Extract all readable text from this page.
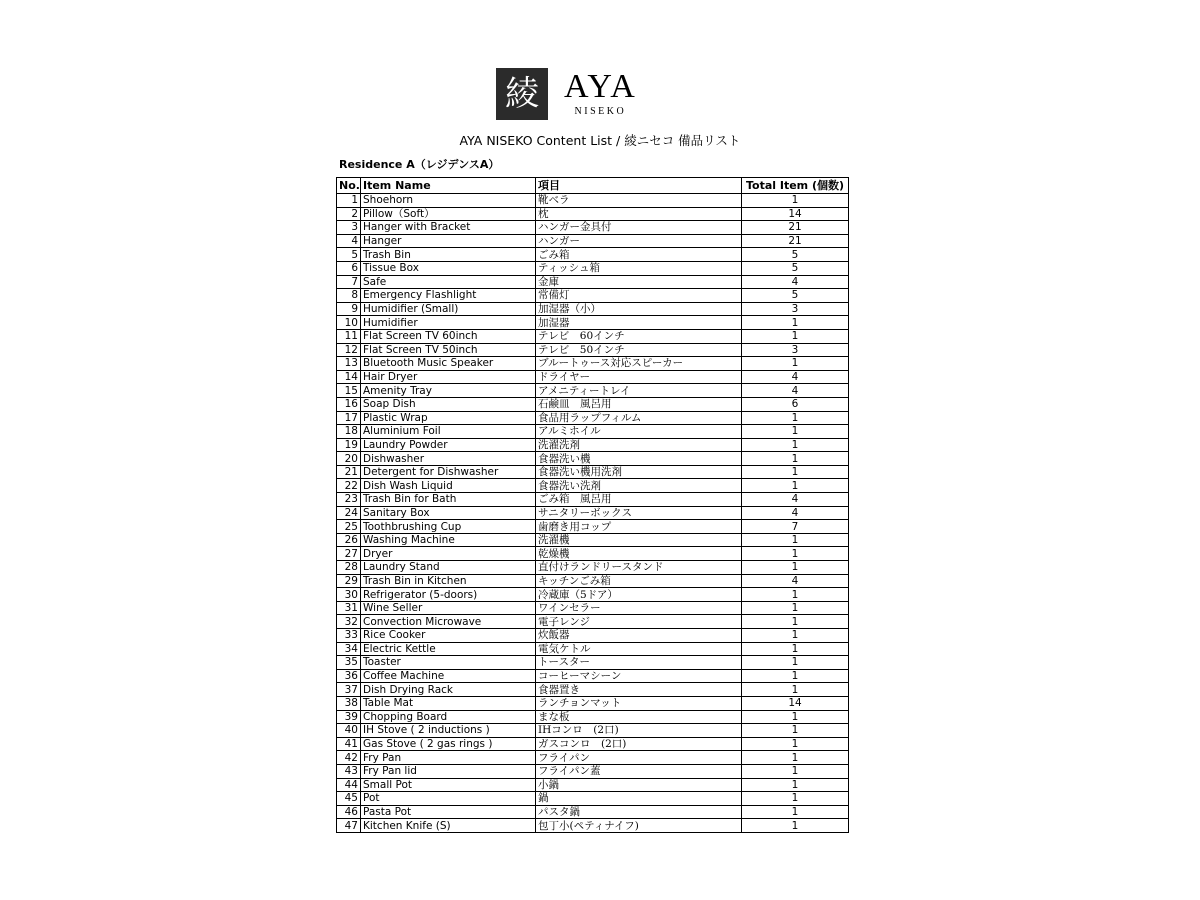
綾 AYA
NISEKO
AYA NISEKO Content List / 綾ニセコ 備品リスト
Residence A（レジデンスA）
No.	Item Name	項目	Total Item (個数)
1	Shoehorn	靴ベラ	1
2	Pillow（Soft）	枕	14
3	Hanger with Bracket	ハンガー金具付	21
4	Hanger	ハンガー	21
5	Trash Bin	ごみ箱	5
6	Tissue Box	ティッシュ箱	5
7	Safe	金庫	4
8	Emergency Flashlight	常備灯	5
9	Humidifier (Small)	加湿器（小）	3
10	Humidifier	加湿器	1
11	Flat Screen TV 60inch	テレビ　60インチ	1
12	Flat Screen TV 50inch	テレビ　50インチ	3
13	Bluetooth Music Speaker	ブルートゥース対応スピーカー	1
14	Hair Dryer	ドライヤー	4
15	Amenity Tray	アメニティートレイ	4
16	Soap Dish	石鹸皿　風呂用	6
17	Plastic Wrap	食品用ラップフィルム	1
18	Aluminium Foil	アルミホイル	1
19	Laundry Powder	洗濯洗剤	1
20	Dishwasher	食器洗い機	1
21	Detergent for Dishwasher	食器洗い機用洗剤	1
22	Dish Wash Liquid	食器洗い洗剤	1
23	Trash Bin for Bath	ごみ箱　風呂用	4
24	Sanitary Box	サニタリーボックス	4
25	Toothbrushing Cup	歯磨き用コップ	7
26	Washing Machine	洗濯機	1
27	Dryer	乾燥機	1
28	Laundry Stand	直付けランドリースタンド	1
29	Trash Bin in Kitchen	キッチンごみ箱	4
30	Refrigerator (5-doors)	冷蔵庫（5ドア）	1
31	Wine Seller	ワインセラー	1
32	Convection Microwave	電子レンジ	1
33	Rice Cooker	炊飯器	1
34	Electric Kettle	電気ケトル	1
35	Toaster	トースター	1
36	Coffee Machine	コーヒーマシーン	1
37	Dish Drying Rack	食器置き	1
38	Table Mat	ランチョンマット	14
39	Chopping Board	まな板	1
40	IH Stove ( 2 inductions )	IHコンロ　(2口)	1
41	Gas Stove ( 2 gas rings )	ガスコンロ　(2口)	1
42	Fry Pan	フライパン	1
43	Fry Pan lid	フライパン蓋	1
44	Small Pot	小鍋	1
45	Pot	鍋	1
46	Pasta Pot	パスタ鍋	1
47	Kitchen Knife (S)	包丁小(ペティナイフ)	1
